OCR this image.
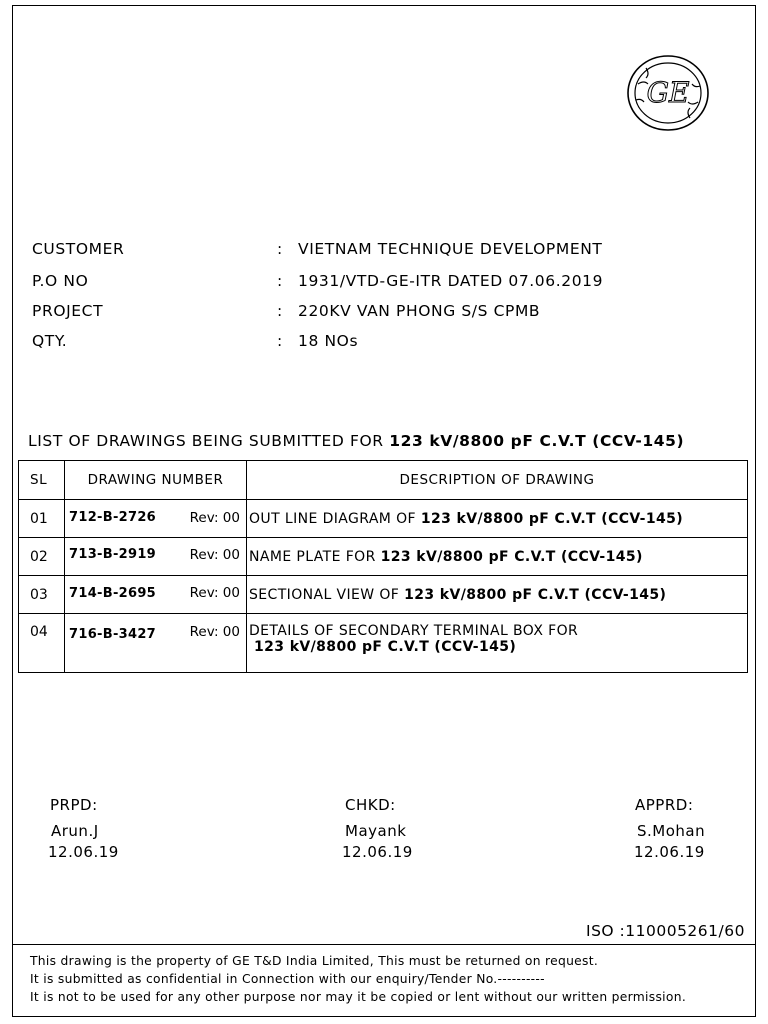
GE
CUSTOMER	: VIETNAM TECHNIQUE DEVELOPMENT
P.O NO	: 1931/VTD-GE-ITR DATED 07.06.2019
PROJECT	: 220KV VAN PHONG S/S CPMB
QTY.	: 18 NOs
LIST OF DRAWINGS BEING SUBMITTED FOR 123 kV/8800 pF C.V.T (CCV-145)
SL	DRAWING NUMBER	DESCRIPTION OF DRAWING
01	712-B-2726 Rev: 00	OUT LINE DIAGRAM OF 123 kV/8800 pF C.V.T (CCV-145)
02	713-B-2919 Rev: 00	NAME PLATE FOR 123 kV/8800 pF C.V.T (CCV-145)
03	714-B-2695 Rev: 00	SECTIONAL VIEW OF 123 kV/8800 pF C.V.T (CCV-145)
04	716-B-3427 Rev: 00	DETAILS OF SECONDARY TERMINAL BOX FOR
123 kV/8800 pF C.V.T (CCV-145)
PRPD:
Arun.J
12.06.19
CHKD:
Mayank
12.06.19
APPRD:
S.Mohan
12.06.19
ISO :110005261/60
This drawing is the property of GE T&D India Limited, This must be returned on request.
It is submitted as confidential in Connection with our enquiry/Tender No.----------
It is not to be used for any other purpose nor may it be copied or lent without our written permission.
